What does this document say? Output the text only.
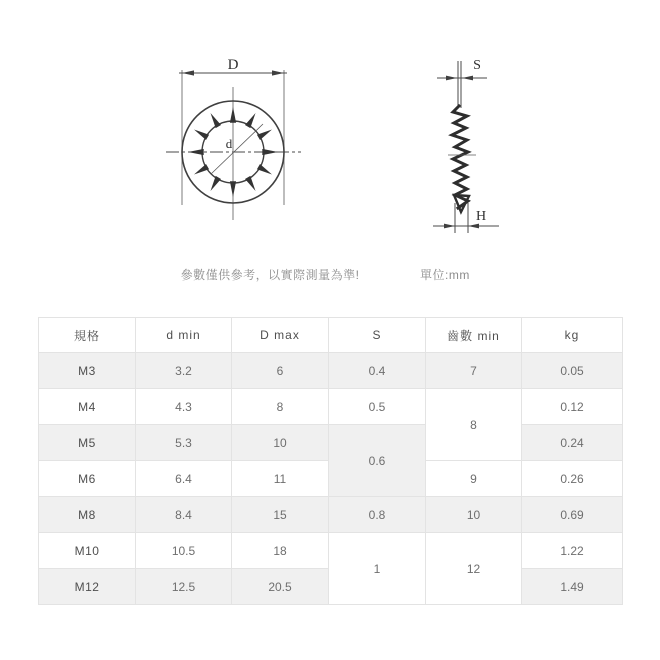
D
d
S
H
參數僅供參考，以實際測量為準!	單位:mm
規格	d min	D max	S	齒數 min	kg
M3	3.2	6	0.4	7	0.05
M4	4.3	8	0.5	8	0.12
M5	5.3	10	0.6		0.24
M6	6.4	11		9	0.26
M8	8.4	15	0.8	10	0.69
M10	10.5	18	1	12	1.22
M12	12.5	20.5			1.49
